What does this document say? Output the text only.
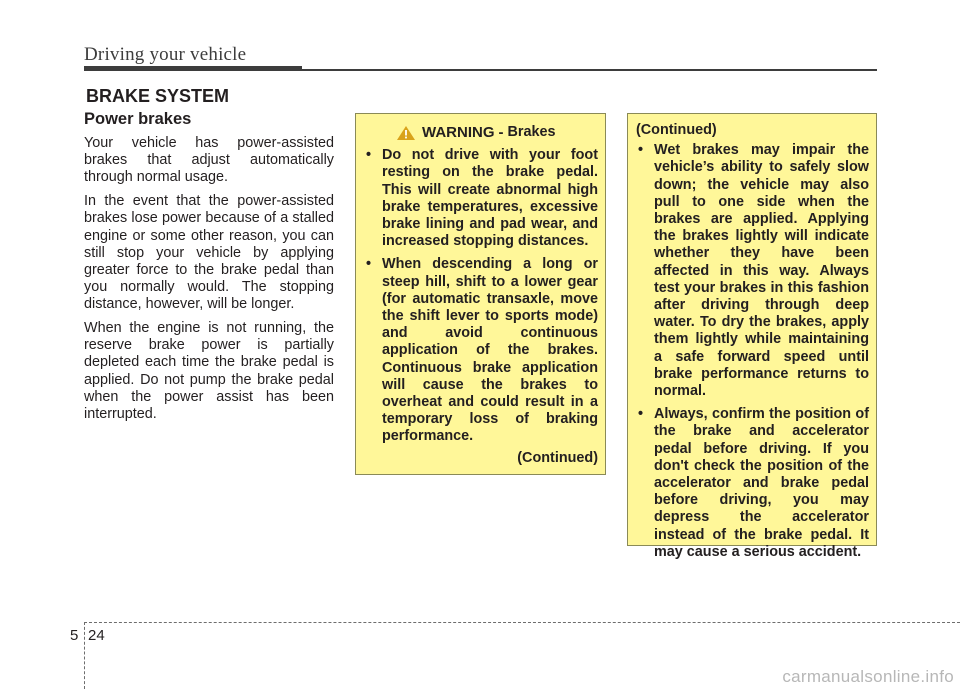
Driving your vehicle
BRAKE SYSTEM
Power brakes

Your vehicle has power-assisted brakes that adjust automatically through normal usage.

In the event that the power-assisted brakes lose power because of a stalled engine or some other reason, you can still stop your vehicle by applying greater force to the brake pedal than you normally would. The stopping distance, however, will be longer.

When the engine is not running, the reserve brake power is partially depleted each time the brake pedal is applied. Do not pump the brake pedal when the power assist has been interrupted.

WARNING - Brakes
• Do not drive with your foot resting on the brake pedal. This will create abnormal high brake temperatures, excessive brake lining and pad wear, and increased stopping distances.
• When descending a long or steep hill, shift to a lower gear (for automatic transaxle, move the shift lever to sports mode) and avoid continuous application of the brakes. Continuous brake application will cause the brakes to overheat and could result in a temporary loss of braking performance.
(Continued)
(Continued)
• Wet brakes may impair the vehicle’s ability to safely slow down; the vehicle may also pull to one side when the brakes are applied. Applying the brakes lightly will indicate whether they have been affected in this way. Always test your brakes in this fashion after driving through deep water. To dry the brakes, apply them lightly while maintaining a safe forward speed until brake performance returns to normal.
• Always, confirm the position of the brake and accelerator pedal before driving. If you don't check the position of the accelerator and brake pedal before driving, you may depress the accelerator instead of the brake pedal. It may cause a serious accident.
5 24
carmanualsonline.info
